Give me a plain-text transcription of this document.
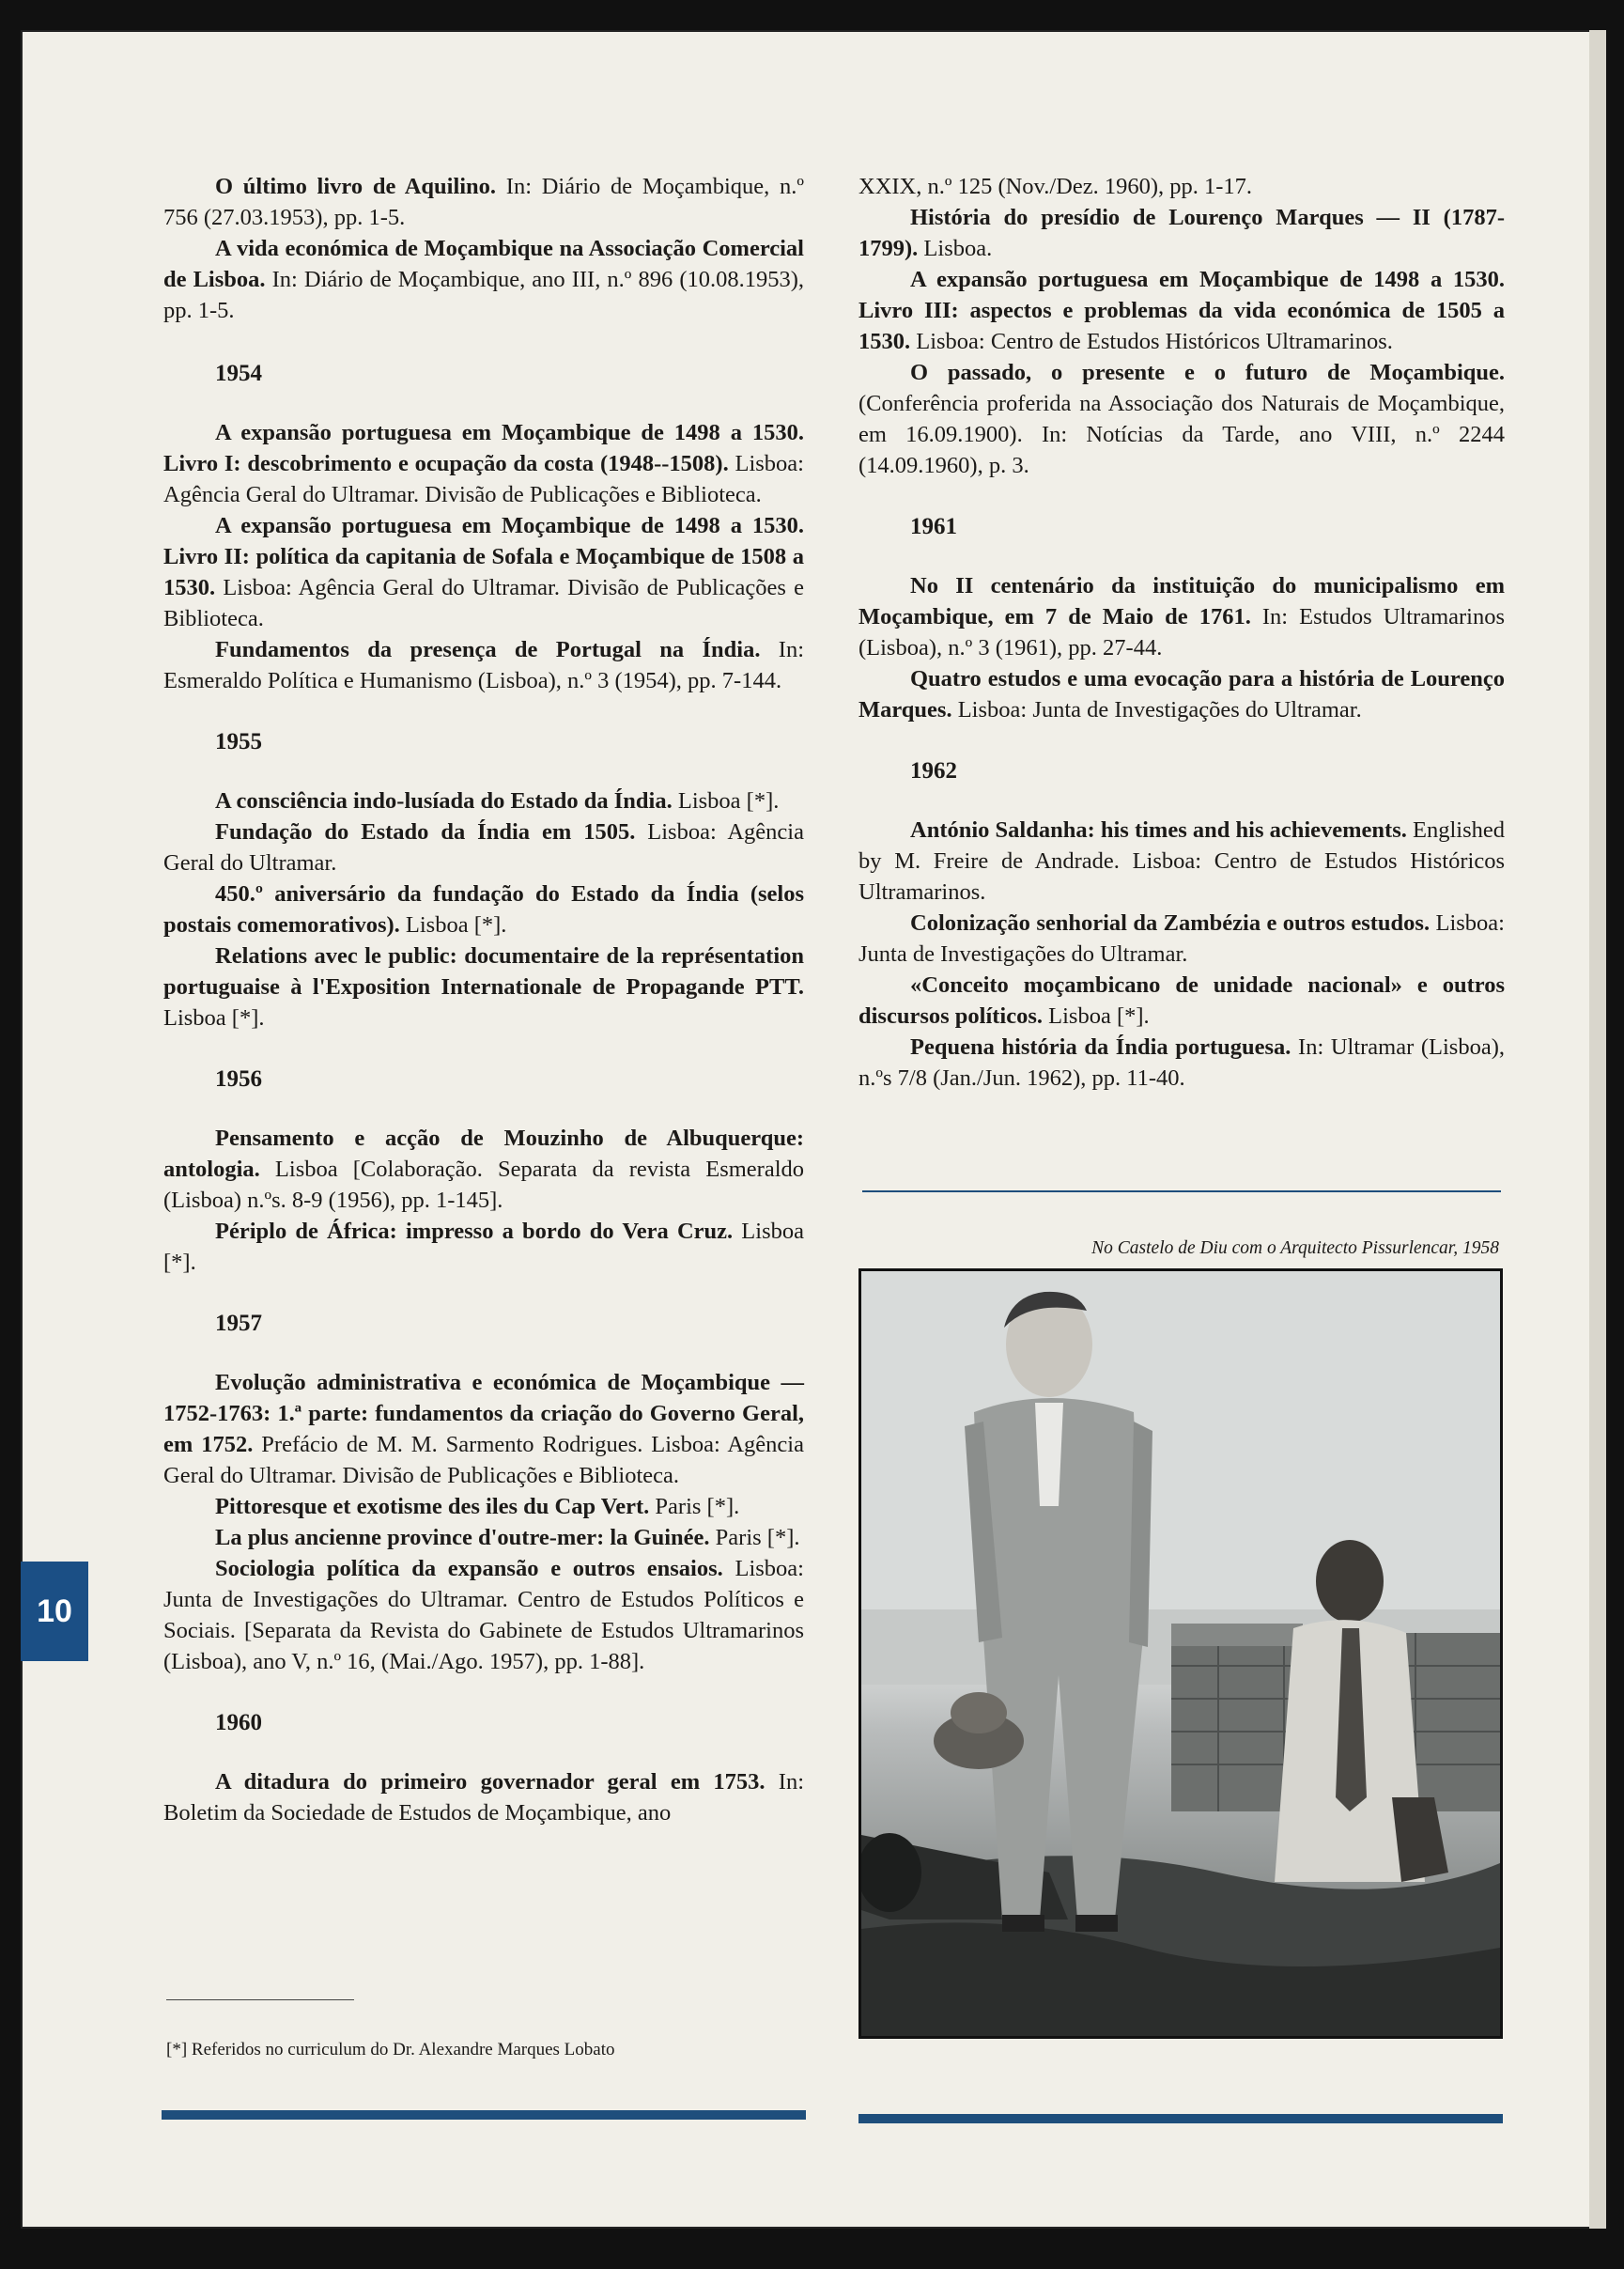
O último livro de Aquilino. In: Diário de Moçambique, n.º 756 (27.03.1953), pp. 1-5.

A vida económica de Moçambique na Associação Comercial de Lisboa. In: Diário de Moçambique, ano III, n.º 896 (10.08.1953), pp. 1-5.

1954

A expansão portuguesa em Moçambique de 1498 a 1530. Livro I: descobrimento e ocupação da costa (1948--1508). Lisboa: Agência Geral do Ultramar. Divisão de Publicações e Biblioteca.

A expansão portuguesa em Moçambique de 1498 a 1530. Livro II: política da capitania de Sofala e Moçambique de 1508 a 1530. Lisboa: Agência Geral do Ultramar. Divisão de Publicações e Biblioteca.

Fundamentos da presença de Portugal na Índia. In: Esmeraldo Política e Humanismo (Lisboa), n.º 3 (1954), pp. 7-144.

1955

A consciência indo-lusíada do Estado da Índia. Lisboa [*].

Fundação do Estado da Índia em 1505. Lisboa: Agência Geral do Ultramar.

450.º aniversário da fundação do Estado da Índia (selos postais comemorativos). Lisboa [*].

Relations avec le public: documentaire de la représentation portuguaise à l'Exposition Internationale de Propagande PTT. Lisboa [*].

1956

Pensamento e acção de Mouzinho de Albuquerque: antologia. Lisboa [Colaboração. Separata da revista Esmeraldo (Lisboa) n.ºs. 8-9 (1956), pp. 1-145].

Périplo de África: impresso a bordo do Vera Cruz. Lisboa [*].

1957

Evolução administrativa e económica de Moçambique — 1752-1763: 1.ª parte: fundamentos da criação do Governo Geral, em 1752. Prefácio de M. M. Sarmento Rodrigues. Lisboa: Agência Geral do Ultramar. Divisão de Publicações e Biblioteca.

Pittoresque et exotisme des iles du Cap Vert. Paris [*].

La plus ancienne province d'outre-mer: la Guinée. Paris [*].

Sociologia política da expansão e outros ensaios. Lisboa: Junta de Investigações do Ultramar. Centro de Estudos Políticos e Sociais. [Separata da Revista do Gabinete de Estudos Ultramarinos (Lisboa), ano V, n.º 16, (Mai./Ago. 1957), pp. 1-88].

1960

A ditadura do primeiro governador geral em 1753. In: Boletim da Sociedade de Estudos de Moçambique, ano

XXIX, n.º 125 (Nov./Dez. 1960), pp. 1-17.

História do presídio de Lourenço Marques — II (1787-1799). Lisboa.

A expansão portuguesa em Moçambique de 1498 a 1530. Livro III: aspectos e problemas da vida económica de 1505 a 1530. Lisboa: Centro de Estudos Históricos Ultramarinos.

O passado, o presente e o futuro de Moçambique. (Conferência proferida na Associação dos Naturais de Moçambique, em 16.09.1900). In: Notícias da Tarde, ano VIII, n.º 2244 (14.09.1960), p. 3.

1961

No II centenário da instituição do municipalismo em Moçambique, em 7 de Maio de 1761. In: Estudos Ultramarinos (Lisboa), n.º 3 (1961), pp. 27-44.

Quatro estudos e uma evocação para a história de Lourenço Marques. Lisboa: Junta de Investigações do Ultramar.

1962

António Saldanha: his times and his achievements. Englished by M. Freire de Andrade. Lisboa: Centro de Estudos Históricos Ultramarinos.

Colonização senhorial da Zambézia e outros estudos. Lisboa: Junta de Investigações do Ultramar.

«Conceito moçambicano de unidade nacional» e outros discursos políticos. Lisboa [*].

Pequena história da Índia portuguesa. In: Ultramar (Lisboa), n.ºs 7/8 (Jan./Jun. 1962), pp. 11-40.

No Castelo de Diu com o Arquitecto Pissurlencar, 1958
[*] Referidos no curriculum do Dr. Alexandre Marques Lobato
10
